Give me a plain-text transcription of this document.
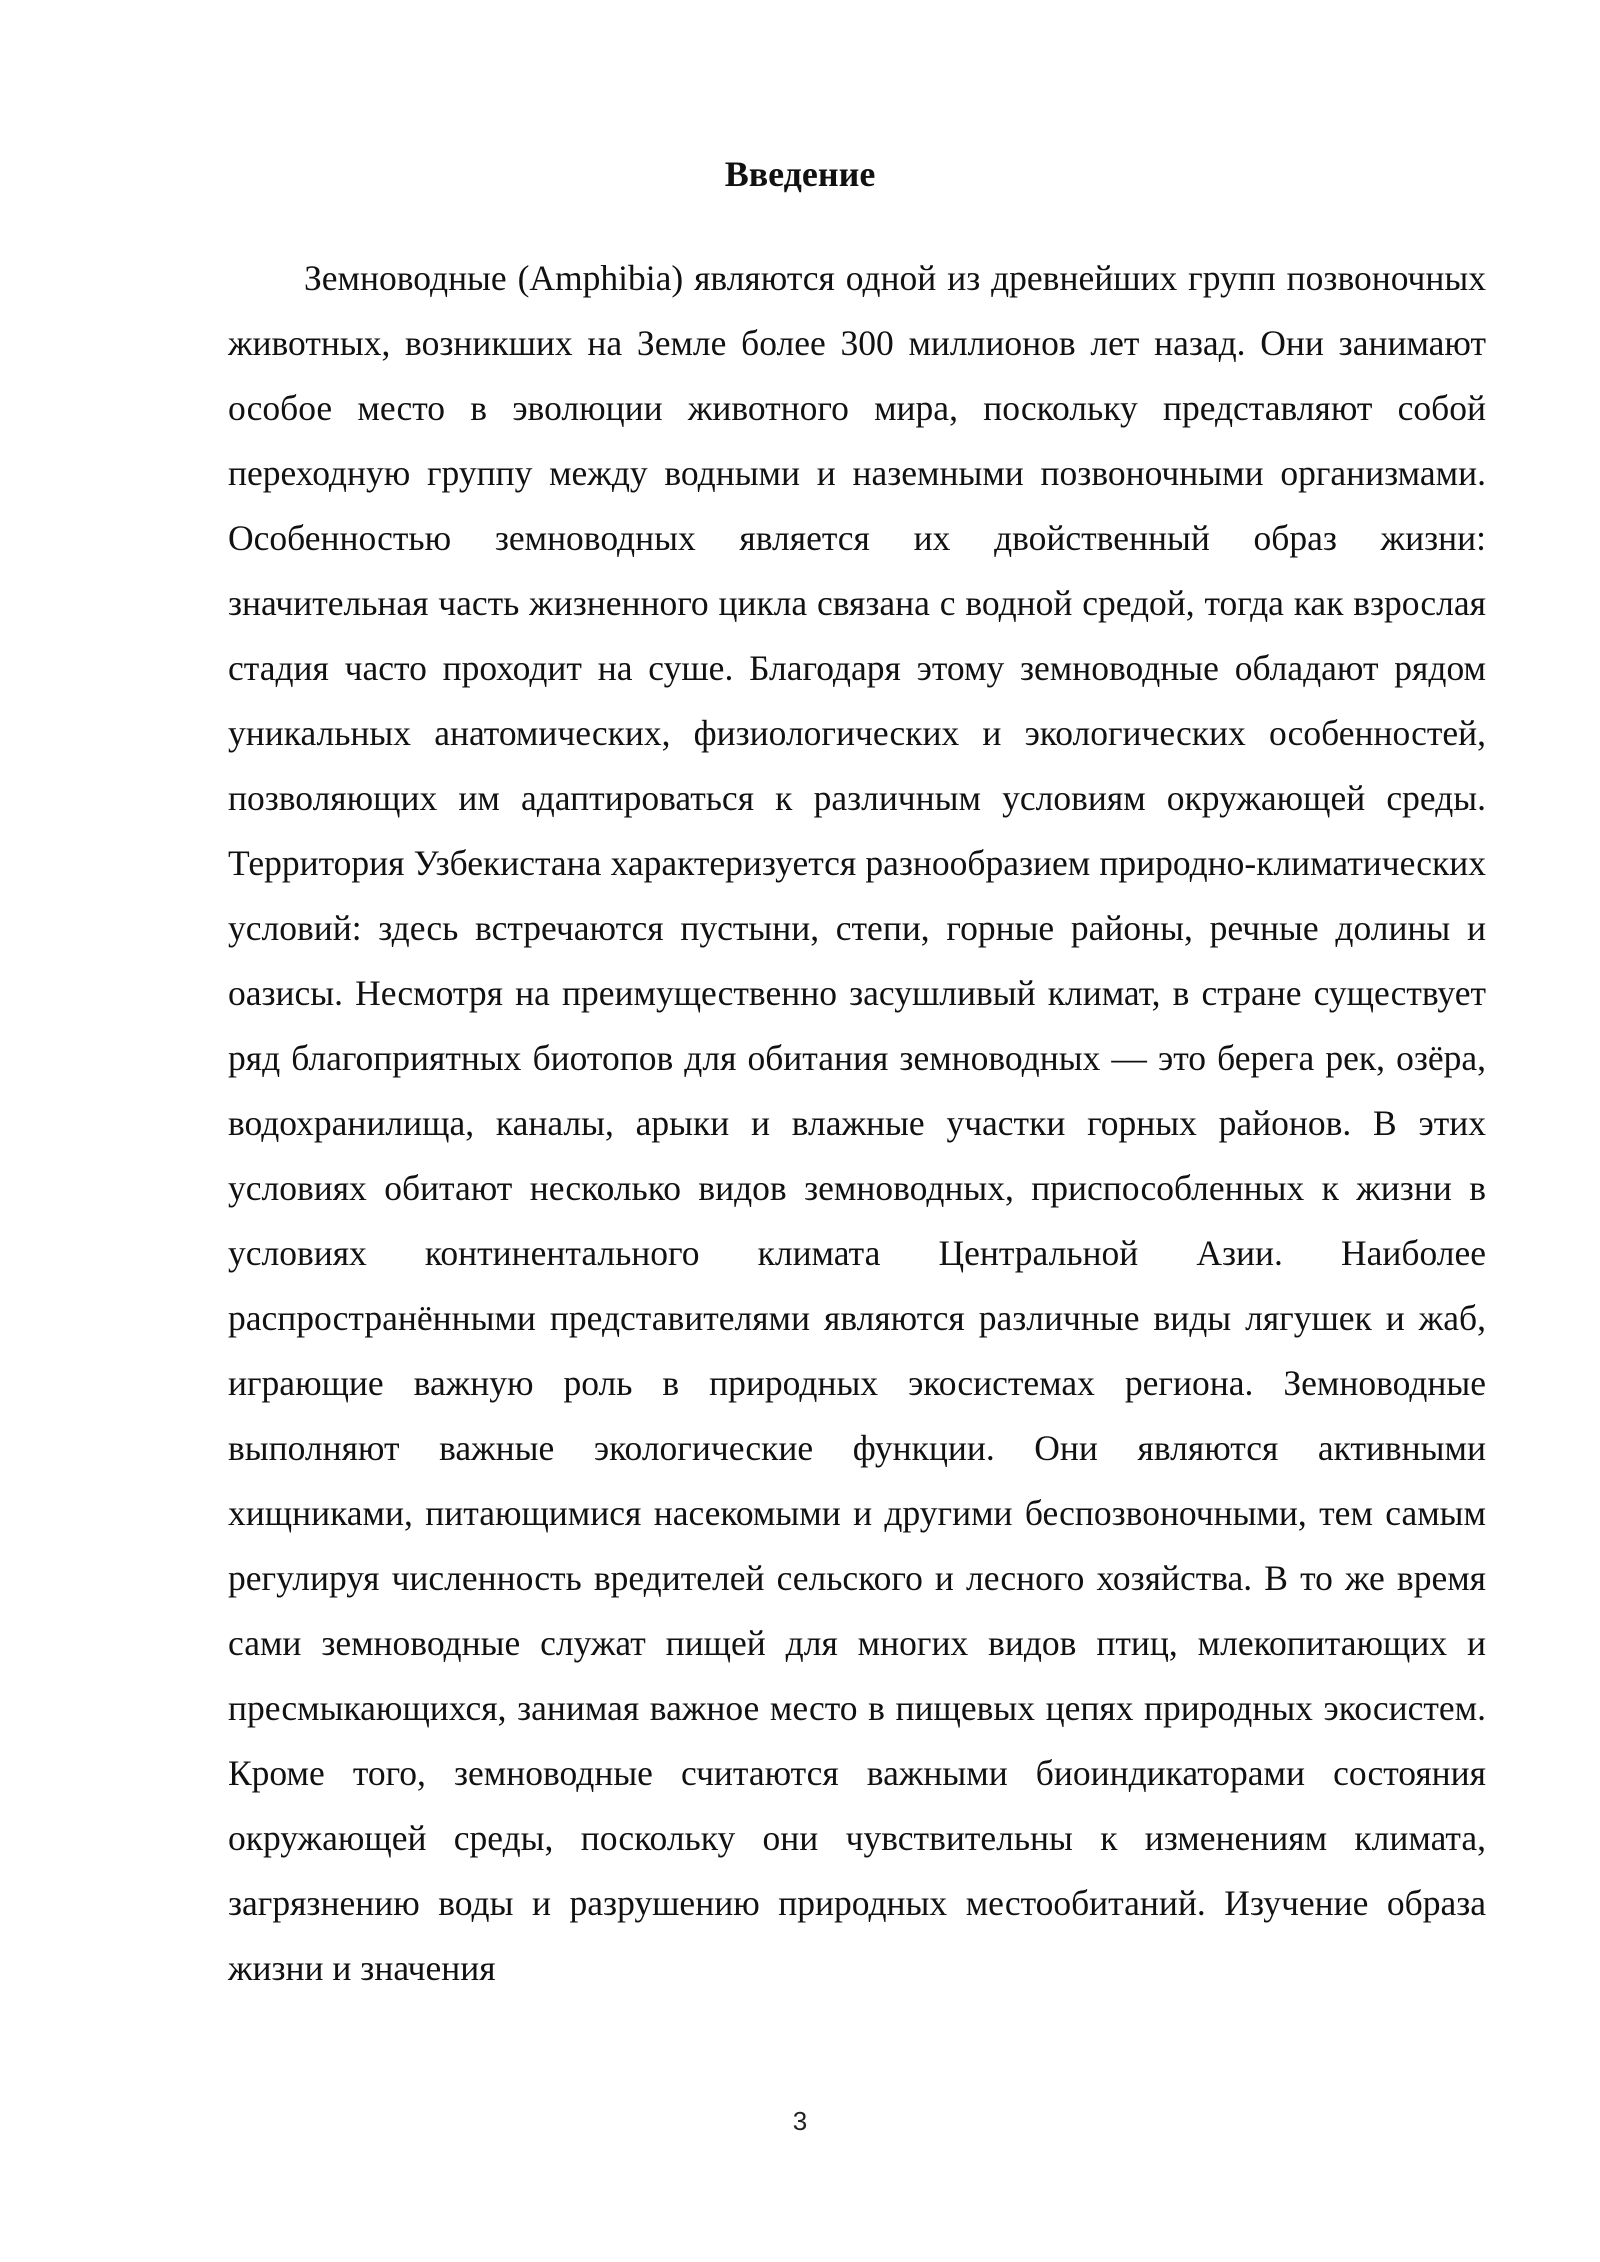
Введение

Земноводные (Amphibia) являются одной из древнейших групп позвоночных животных, возникших на Земле более 300 миллионов лет назад. Они занимают особое место в эволюции животного мира, поскольку представляют собой переходную группу между водными и наземными позвоночными организмами. Особенностью земноводных является их двойственный образ жизни: значительная часть жизненного цикла связана с водной средой, тогда как взрослая стадия часто проходит на суше. Благодаря этому земноводные обладают рядом уникальных анатомических, физиологических и экологических особенностей, позволяющих им адаптироваться к различным условиям окружающей среды. Территория Узбекистана характеризуется разнообразием природно-климатических условий: здесь встречаются пустыни, степи, горные районы, речные долины и оазисы. Несмотря на преимущественно засушливый климат, в стране существует ряд благоприятных биотопов для обитания земноводных — это берега рек, озёра, водохранилища, каналы, арыки и влажные участки горных районов. В этих условиях обитают несколько видов земноводных, приспособленных к жизни в условиях континентального климата Центральной Азии. Наиболее распространёнными представителями являются различные виды лягушек и жаб, играющие важную роль в природных экосистемах региона. Земноводные выполняют важные экологические функции. Они являются активными хищниками, питающимися насекомыми и другими беспозвоночными, тем самым регулируя численность вредителей сельского и лесного хозяйства. В то же время сами земноводные служат пищей для многих видов птиц, млекопитающих и пресмыкающихся, занимая важное место в пищевых цепях природных экосистем. Кроме того, земноводные считаются важными биоиндикаторами состояния окружающей среды, поскольку они чувствительны к изменениям климата, загрязнению воды и разрушению природных местообитаний. Изучение образа жизни и значения

3
